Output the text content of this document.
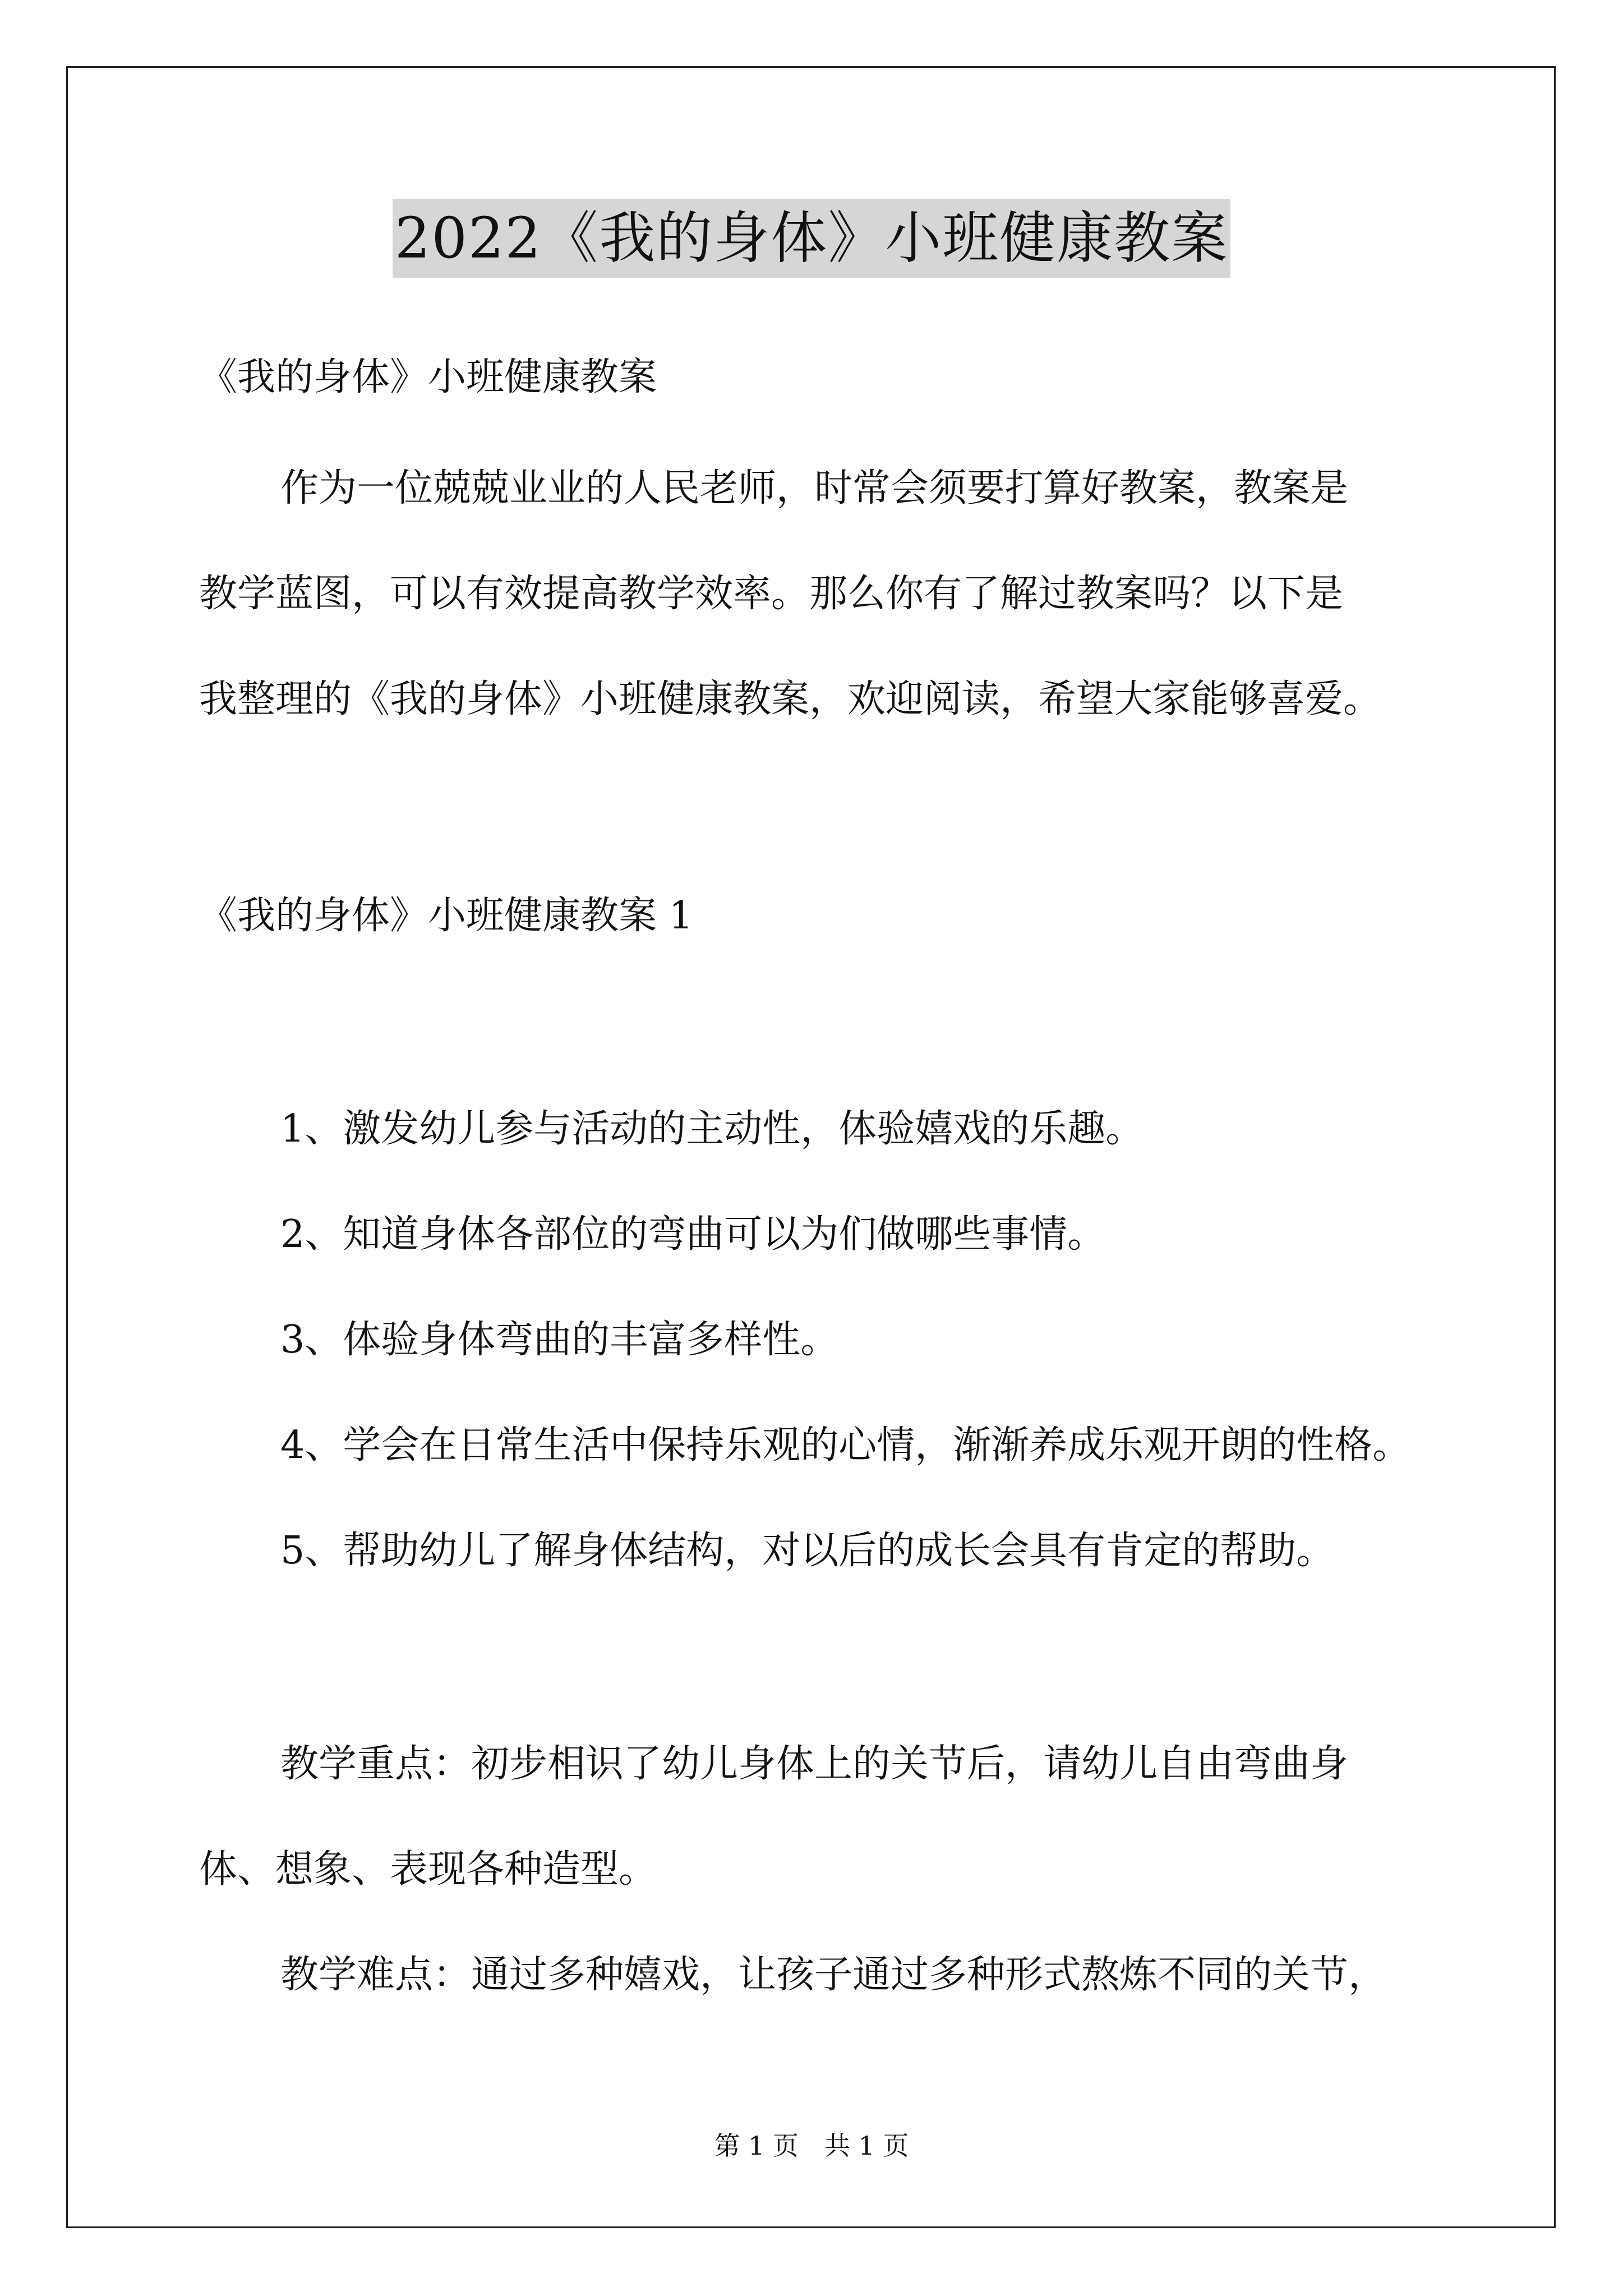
2022《我的身体》小班健康教案
《我的身体》小班健康教案
作为一位兢兢业业的人民老师，时常会须要打算好教案，教案是
教学蓝图，可以有效提高教学效率。那么你有了解过教案吗？以下是
我整理的《我的身体》小班健康教案，欢迎阅读，希望大家能够喜爱。
《我的身体》小班健康教案 1
1、激发幼儿参与活动的主动性，体验嬉戏的乐趣。
2、知道身体各部位的弯曲可以为们做哪些事情。
3、体验身体弯曲的丰富多样性。
4、学会在日常生活中保持乐观的心情，渐渐养成乐观开朗的性格。
5、帮助幼儿了解身体结构，对以后的成长会具有肯定的帮助。
教学重点：初步相识了幼儿身体上的关节后，请幼儿自由弯曲身
体、想象、表现各种造型。
教学难点：通过多种嬉戏，让孩子通过多种形式熬炼不同的关节，
第 1 页 共 1 页
